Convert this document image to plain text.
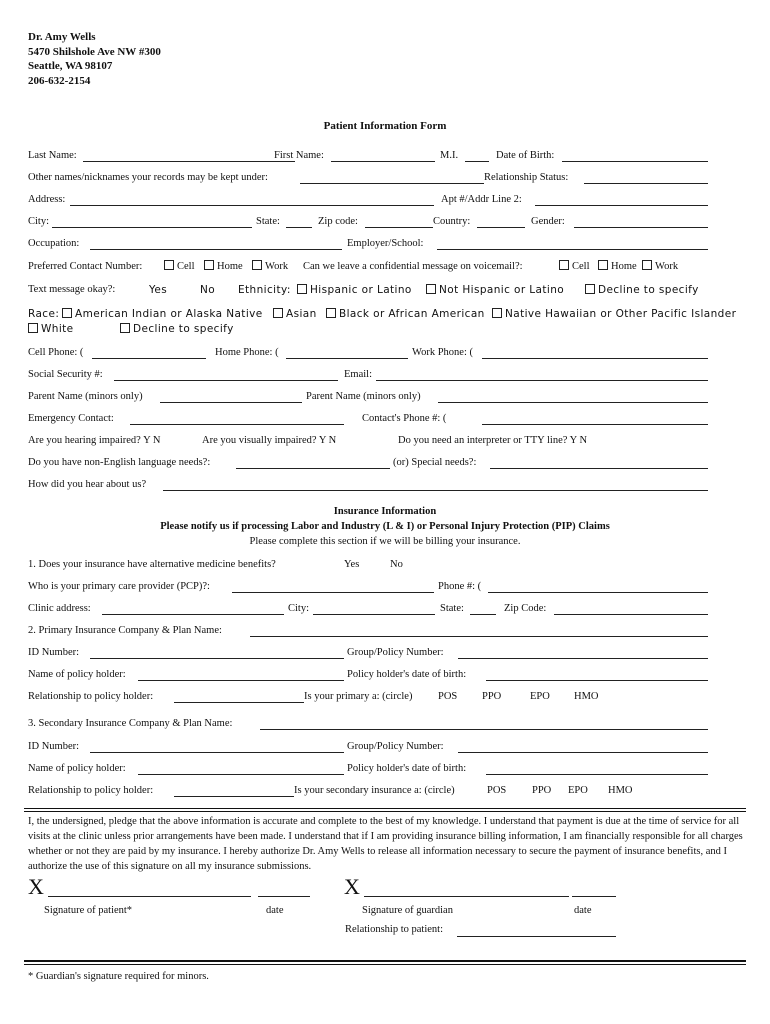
Dr. Amy Wells
5470 Shilshole Ave NW #300
Seattle, WA 98107
206-632-2154
Patient Information Form
Last Name:	First Name:	M.I.	Date of Birth:
Other names/nicknames your records may be kept under:	Relationship Status:
Address:	Apt #/Addr Line 2:
City:	State:	Zip code:	Country:	Gender:
Occupation:	Employer/School:
Preferred Contact Number:	Cell	Home	Work Can we leave a confidential message on voicemail?:	Cell	Home	Work
Text message okay?:	Yes	No Ethnicity:	Hispanic or Latino	Not Hispanic or Latino	Decline to specify
Race:	American Indian or Alaska Native	Asian	Black or African American	Native Hawaiian or Other Pacific Islander
White	Decline to specify
Cell Phone: (	Home Phone: (	Work Phone: (
Social Security #:	Email:
Parent Name (minors only)	Parent Name (minors only)
Emergency Contact:	Contact's Phone #: (
Are you hearing impaired? Y N	Are you visually impaired? Y N	Do you need an interpreter or TTY line? Y N
Do you have non-English language needs?:	(or) Special needs?:
How did you hear about us?
Insurance Information
Please notify us if processing Labor and Industry (L & I) or Personal Injury Protection (PIP) Claims
Please complete this section if we will be billing your insurance.
1. Does your insurance have alternative medicine benefits?	Yes	No
Who is your primary care provider (PCP)?:	Phone #: (
Clinic address:	City:	State:	Zip Code:
2. Primary Insurance Company & Plan Name:
ID Number:	Group/Policy Number:
Name of policy holder:	Policy holder's date of birth:
Relationship to policy holder:	Is your primary a: (circle) POS PPO	EPO HMO
3. Secondary Insurance Company & Plan Name:
ID Number:	Group/Policy Number:
Name of policy holder:	Policy holder's date of birth:
Relationship to policy holder:	Is your secondary insurance a: (circle)	POS PPO EPO HMO
I, the undersigned, pledge that the above information is accurate and complete to the best of my knowledge. I understand that payment is due at the time of service for all visits at the clinic unless prior arrangements have been made. I understand that if I am providing insurance billing information, I am financially responsible for all charges whether or not they are paid by my insurance. I hereby authorize Dr. Amy Wells to release all information necessary to secure the payment of insurance benefits, and I authorize the use of this signature on all my insurance submissions.
X	X
Signature of patient*	date	Signature of guardian	date
Relationship to patient:
* Guardian's signature required for minors.
